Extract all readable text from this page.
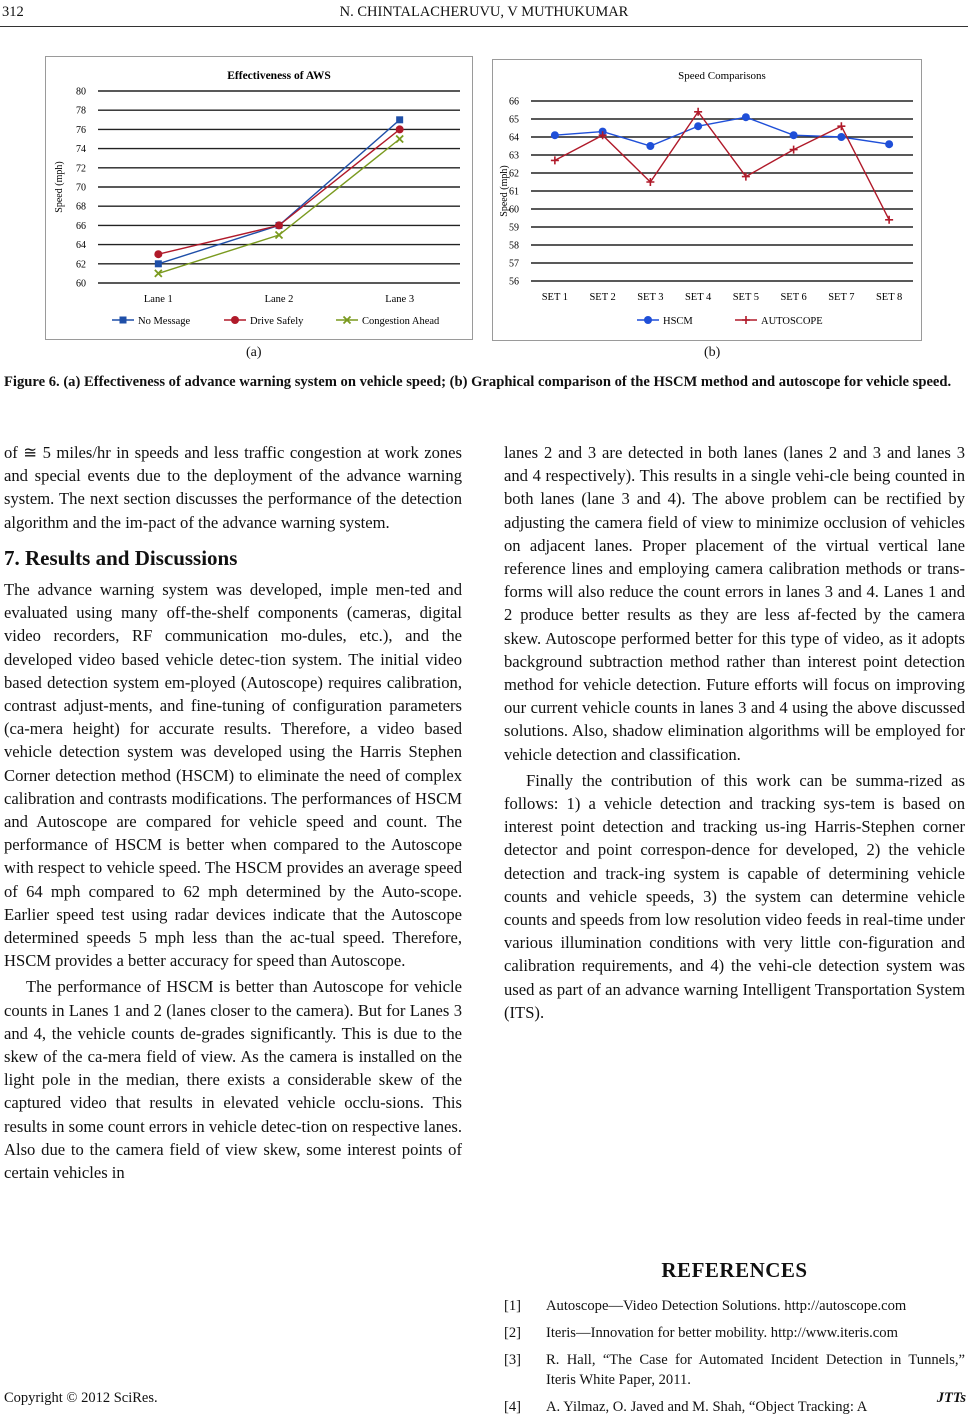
312	N. CHINTALACHERUVU, V MUTHUKUMAR
Effectiveness of AWS
60
62
64
66
68
70
72
74
76
78
80
Speed (mph)
Lane 1	Lane 2	Lane 3
No Message	Drive Safely	Congestion Ahead
(a)
Speed Comparisons
56
57
58
59
60
61
62
63
64
65
66
Speed (mph)
SET 1 SET 2 SET 3 SET 4 SET 5 SET 6 SET 7 SET 8
HSCM	AUTOSCOPE
(b)
Figure 6. (a) Effectiveness of advance warning system on vehicle speed; (b) Graphical comparison of the HSCM method and autoscope for vehicle speed.

of ≅ 5 miles/hr in speeds and less traffic congestion at work zones and special events due to the deployment of the advance warning system. The next section discusses the performance of the detection algorithm and the im-pact of the advance warning system.

7. Results and Discussions

The advance warning system was developed, imple men-ted and evaluated using many off-the-shelf components (cameras, digital video recorders, RF communication mo-dules, etc.), and the developed video based vehicle detec-tion system. The initial video based detection system em-ployed (Autoscope) requires calibration, contrast adjust-ments, and fine-tuning of configuration parameters (ca-mera height) for accurate results. Therefore, a video based vehicle detection system was developed using the Harris Stephen Corner detection method (HSCM) to eliminate the need of complex calibration and contrasts modifications. The performances of HSCM and Autoscope are compared for vehicle speed and count. The performance of HSCM is better when compared to the Autoscope with respect to vehicle speed. The HSCM provides an average speed of 64 mph compared to 62 mph determined by the Auto-scope. Earlier speed test using radar devices indicate that the Autoscope determined speeds 5 mph less than the ac-tual speed. Therefore, HSCM provides a better accuracy for speed than Autoscope.

The performance of HSCM is better than Autoscope for vehicle counts in Lanes 1 and 2 (lanes closer to the camera). But for Lanes 3 and 4, the vehicle counts de-grades significantly. This is due to the skew of the ca-mera field of view. As the camera is installed on the light pole in the median, there exists a considerable skew of the captured video that results in elevated vehicle occlu-sions. This results in some count errors in vehicle detec-tion on respective lanes. Also due to the camera field of view skew, some interest points of certain vehicles in

lanes 2 and 3 are detected in both lanes (lanes 2 and 3 and lanes 3 and 4 respectively). This results in a single vehi-cle being counted in both lanes (lane 3 and 4). The above problem can be rectified by adjusting the camera field of view to minimize occlusion of vehicles on adjacent lanes. Proper placement of the virtual vertical lane reference lines and employing camera calibration methods or trans-forms will also reduce the count errors in lanes 3 and 4. Lanes 1 and 2 produce better results as they are less af-fected by the camera skew. Autoscope performed better for this type of video, as it adopts background subtraction method rather than interest point detection method for vehicle detection. Future efforts will focus on improving our current vehicle counts in lanes 3 and 4 using the above discussed solutions. Also, shadow elimination algorithms will be employed for vehicle detection and classification.

Finally the contribution of this work can be summa-rized as follows: 1) a vehicle detection and tracking sys-tem is based on interest point detection and tracking us-ing Harris-Stephen corner detector and point correspon-dence for developed, 2) the vehicle detection and track-ing system is capable of determining vehicle counts and vehicle speeds, 3) the system can determine vehicle counts and speeds from low resolution video feeds in real-time under various illumination conditions with very little con-figuration and calibration requirements, and 4) the vehi-cle detection system was used as part of an advance warning Intelligent Transportation System (ITS).

REFERENCES
[1] Autoscope—Video Detection Solutions. http://autoscope.com
[2] Iteris—Innovation for better mobility. http://www.iteris.com
[3] R. Hall, “The Case for Automated Incident Detection in Tunnels,” Iteris White Paper, 2011.
[4] A. Yilmaz, O. Javed and M. Shah, “Object Tracking: A
Copyright © 2012 SciRes.	JTTs
